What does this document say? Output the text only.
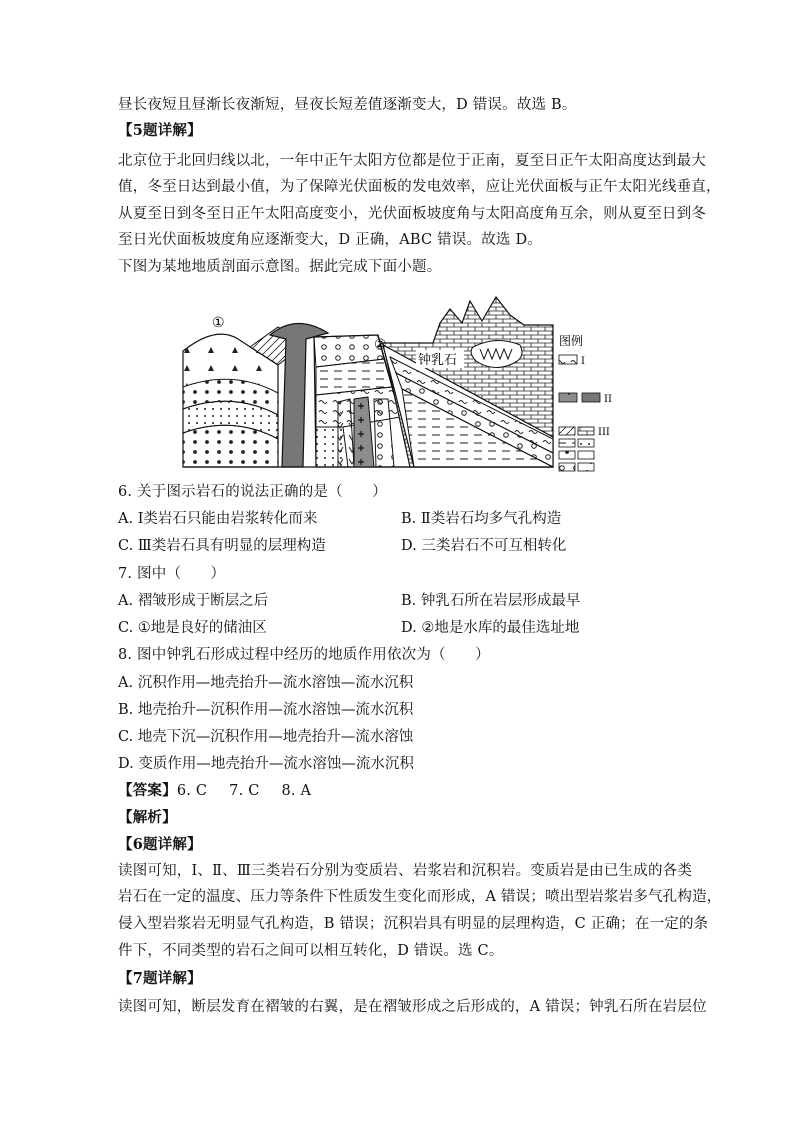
昼长夜短且昼渐长夜渐短，昼夜长短差值逐渐变大，D 错误。故选 B。
【5题详解】
北京位于北回归线以北，一年中正午太阳方位都是位于正南，夏至日正午太阳高度达到最大
值，冬至日达到最小值，为了保障光伏面板的发电效率，应让光伏面板与正午太阳光线垂直，
从夏至日到冬至日正午太阳高度变小，光伏面板坡度角与太阳高度角互余，则从夏至日到冬
至日光伏面板坡度角应逐渐变大，D 正确，ABC 错误。故选 D。
下图为某地地质剖面示意图。据此完成下面小题。
①
②
钟乳石
图例
I
II
III
6. 关于图示岩石的说法正确的是（　　）
A. I类岩石只能由岩浆转化而来	B. Ⅱ类岩石均多气孔构造
C. Ⅲ类岩石具有明显的层理构造	D. 三类岩石不可互相转化
7. 图中（　　）
A. 褶皱形成于断层之后	B. 钟乳石所在岩层形成最早
C. ①地是良好的储油区	D. ②地是水库的最佳选址地
8. 图中钟乳石形成过程中经历的地质作用依次为（　　）
A. 沉积作用—地壳抬升—流水溶蚀—流水沉积
B. 地壳抬升—沉积作用—流水溶蚀—流水沉积
C. 地壳下沉—沉积作用—地壳抬升—流水溶蚀
D. 变质作用—地壳抬升—流水溶蚀—流水沉积
【答案】6. C 7. C 8. A
【解析】
【6题详解】
读图可知，I、Ⅱ、Ⅲ三类岩石分别为变质岩、岩浆岩和沉积岩。变质岩是由已生成的各类
岩石在一定的温度、压力等条件下性质发生变化而形成，A 错误；喷出型岩浆岩多气孔构造，
侵入型岩浆岩无明显气孔构造，B 错误；沉积岩具有明显的层理构造，C 正确；在一定的条
件下，不同类型的岩石之间可以相互转化，D 错误。选 C。
【7题详解】
读图可知，断层发育在褶皱的右翼，是在褶皱形成之后形成的，A 错误；钟乳石所在岩层位
